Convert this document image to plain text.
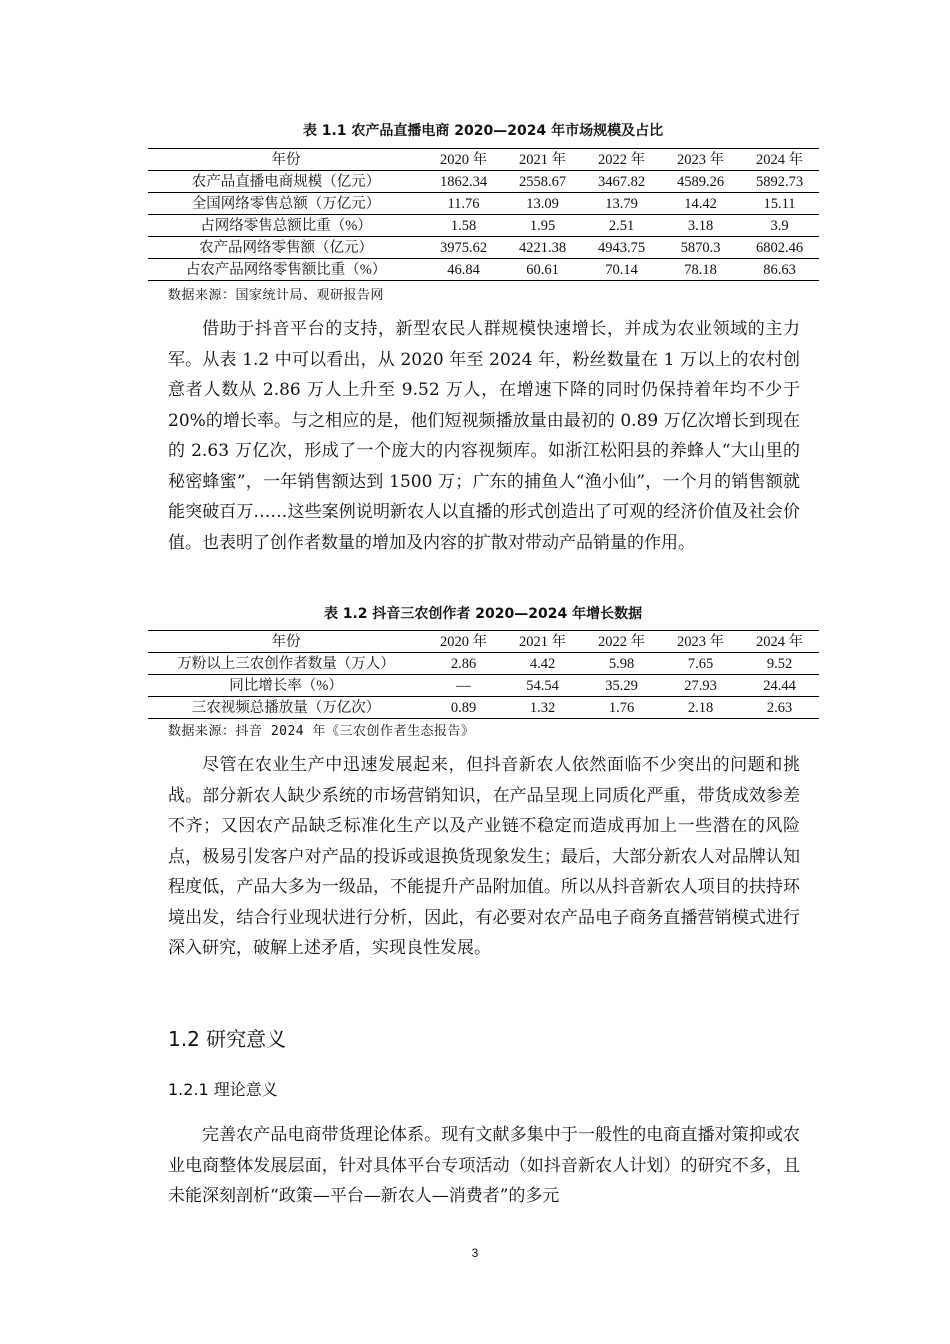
表 1.1 农产品直播电商 2020—2024 年市场规模及占比
年份	2020 年	2021 年	2022 年	2023 年	2024 年
农产品直播电商规模（亿元）	1862.34	2558.67	3467.82	4589.26	5892.73
全国网络零售总额（万亿元）	11.76	13.09	13.79	14.42	15.11
占网络零售总额比重（%）	1.58	1.95	2.51	3.18	3.9
农产品网络零售额（亿元）	3975.62	4221.38	4943.75	5870.3	6802.46
占农产品网络零售额比重（%）	46.84	60.61	70.14	78.18	86.63
数据来源：国家统计局、观研报告网

借助于抖音平台的支持，新型农民人群规模快速增长，并成为农业领域的主力军。从表 1.2 中可以看出，从 2020 年至 2024 年，粉丝数量在 1 万以上的农村创意者人数从 2.86 万人上升至 9.52 万人，在增速下降的同时仍保持着年均不少于 20%的增长率。与之相应的是，他们短视频播放量由最初的 0.89 万亿次增长到现在的 2.63 万亿次，形成了一个庞大的内容视频库。如浙江松阳县的养蜂人“大山里的秘密蜂蜜”，一年销售额达到 1500 万；广东的捕鱼人“渔小仙”，一个月的销售额就能突破百万……这些案例说明新农人以直播的形式创造出了可观的经济价值及社会价值。也表明了创作者数量的增加及内容的扩散对带动产品销量的作用。

表 1.2 抖音三农创作者 2020—2024 年增长数据
年份	2020 年	2021 年	2022 年	2023 年	2024 年
万粉以上三农创作者数量（万人）	2.86	4.42	5.98	7.65	9.52
同比增长率（%）	—	54.54	35.29	27.93	24.44
三农视频总播放量（万亿次）	0.89	1.32	1.76	2.18	2.63
数据来源：抖音 2024 年《三农创作者生态报告》

尽管在农业生产中迅速发展起来，但抖音新农人依然面临不少突出的问题和挑战。部分新农人缺少系统的市场营销知识，在产品呈现上同质化严重，带货成效参差不齐；又因农产品缺乏标准化生产以及产业链不稳定而造成再加上一些潜在的风险点，极易引发客户对产品的投诉或退换货现象发生；最后，大部分新农人对品牌认知程度低，产品大多为一级品，不能提升产品附加值。所以从抖音新农人项目的扶持环境出发，结合行业现状进行分析，因此，有必要对农产品电子商务直播营销模式进行深入研究，破解上述矛盾，实现良性发展。

1.2 研究意义
1.2.1 理论意义

完善农产品电商带货理论体系。现有文献多集中于一般性的电商直播对策抑或农业电商整体发展层面，针对具体平台专项活动（如抖音新农人计划）的研究不多，且未能深刻剖析“政策—平台—新农人—消费者”的多元

3
